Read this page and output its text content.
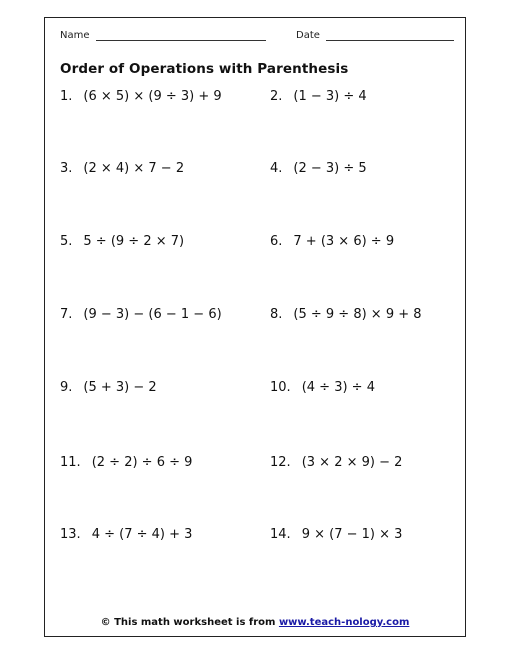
Name	Date
Order of Operations with Parenthesis
1. (6 × 5) × (9 ÷ 3) + 9
3. (2 × 4) × 7 − 2
5. 5 ÷ (9 ÷ 2 × 7)
7. (9 − 3) − (6 − 1 − 6)
9. (5 + 3) − 2
11. (2 ÷ 2) ÷ 6 ÷ 9
13. 4 ÷ (7 ÷ 4) + 3
2. (1 − 3) ÷ 4
4. (2 − 3) ÷ 5
6. 7 + (3 × 6) ÷ 9
8. (5 ÷ 9 ÷ 8) × 9 + 8
10. (4 ÷ 3) ÷ 4
12. (3 × 2 × 9) − 2
14. 9 × (7 − 1) × 3
© This math worksheet is from www.teach-nology.com
